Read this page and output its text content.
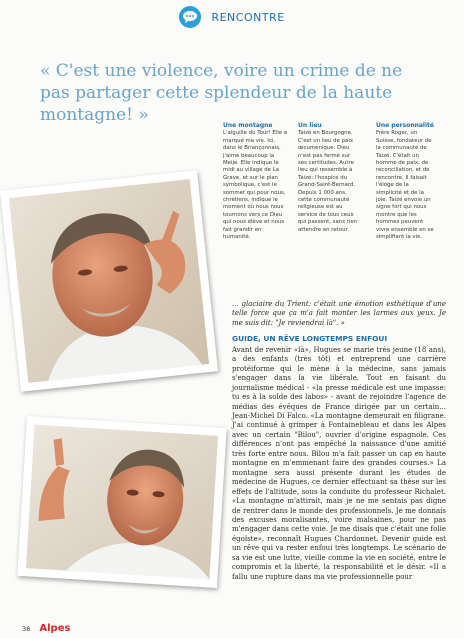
RENCONTRE
« C'est une violence, voire un crime de ne pas partager cette splendeur de la haute montagne! »
Une montagne
L'aiguille du Tour! Elle a marqué ma vie. Ici, dans le Briançonnais, j'aime beaucoup la Meije. Elle indique le midi au village de La Grave, et sur le plan symbolique, c'est le sommet qui pour nous, chrétiens, indique le moment où nous nous tournons vers ce Dieu qui nous élève et nous fait grandir en humanité.
Un lieu
Taizé en Bourgogne. C'est un lieu de paix œcuménique: Dieu n'est pas fermé sur ses certitudes. Autre lieu qui ressemble à Taizé: l'hospice du Grand-Saint-Bernard. Depuis 1 000 ans, cette communauté religieuse est au service de tous ceux qui passent, sans rien attendre en retour.
Une personnalité
Frère Roger, un Suisse, fondateur de la communauté de Taizé. C'était un homme de paix, de réconciliation, et de rencontre. Il faisait l'éloge de la simplicité et de la joie. Taizé envoie un signe fort qui nous montre que les hommes peuvent vivre ensemble en se simplifiant la vie.

... glaciaire du Trient: c'était une émotion esthétique d'une telle force que ça m'a fait monter les larmes aux yeux. Je me suis dit: "Je reviendrai là". »

GUIDE, UN RÊVE LONGTEMPS ENFOUI

Avant de revenir «là», Hugues se marie très jeune (18 ans), a des enfants (très tôt) et entreprend une carrière protéiforme qui le mène à la médecine, sans jamais s'engager dans la vie libérale. Tout en faisant du journalisme médical - «la presse médicale est une impasse: tu es à la solde des labos» - avant de rejoindre l'agence de médias des évêques de France dirigée par un certain... Jean-Michel Di Falco. «La montagne demeurait en filigrane. J'ai continué à grimper à Fontainebleau et dans les Alpes avec un certain "Bilou", ouvrier d'origine espagnole. Ces différences n'ont pas empêché la naissance d'une amitié très forte entre nous. Bilou m'a fait passer un cap en haute montagne en m'emmenant faire des grandes courses.» La montagne sera aussi présente durant les études de médecine de Hugues, ce dernier effectuant sa thèse sur les effets de l'altitude, sous la conduite du professeur Richalet. «La montagne m'attirait, mais je ne me sentais pas digne de rentrer dans le monde des professionnels. Je me donnais des excuses moralisantes, voire malsaines, pour ne pas m'engager dans cette voie. Je me disais que c'était une folie égoïste», reconnaît Hugues Chardonnet. Devenir guide est un rêve qui va rester enfoui très longtemps. Le scénario de sa vie est une lutte, vieille comme la vie en société, entre le compromis et la liberté, la responsabilité et le désir. «Il a fallu une rupture dans ma vie professionnelle pour

38 Alpes
